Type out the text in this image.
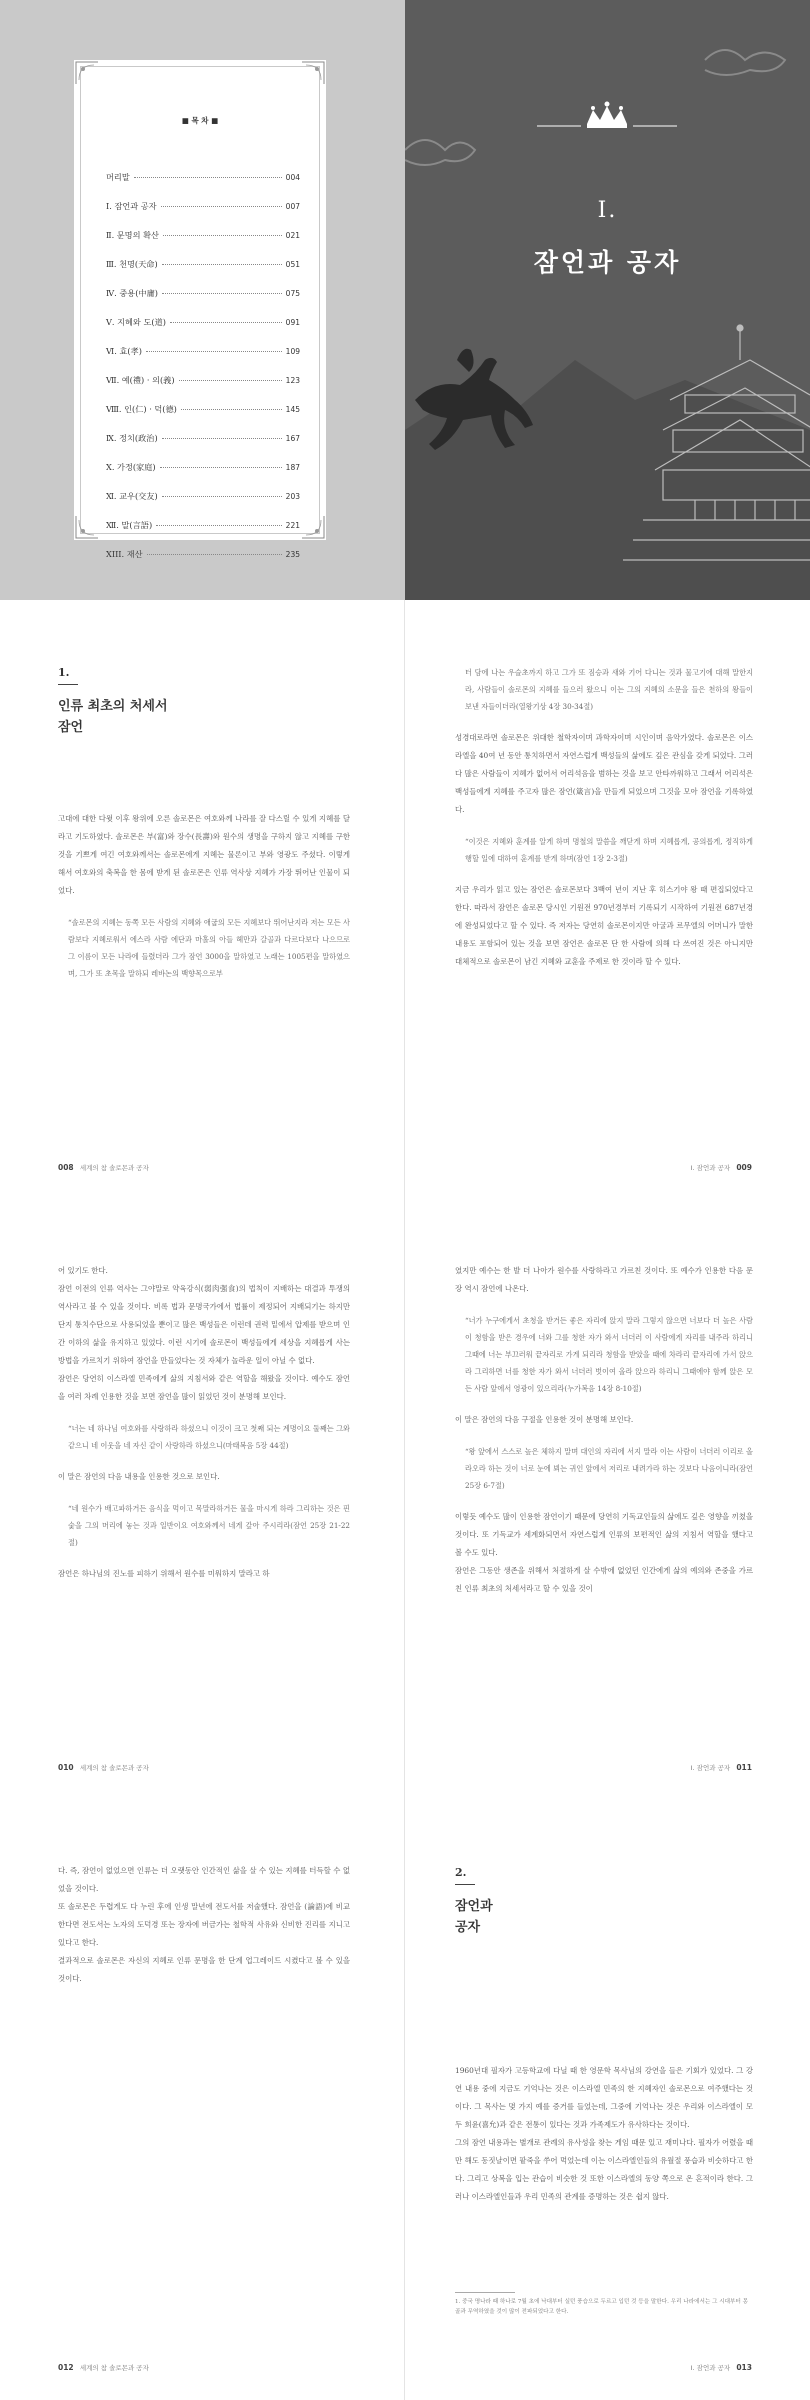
■ 목 차 ■
머리말	004
Ⅰ. 잠언과 공자	007
Ⅱ. 문명의 확산	021
Ⅲ. 천명(天命)	051
Ⅳ. 중용(中庸)	075
Ⅴ. 지혜와 도(道)	091
Ⅵ. 효(孝)	109
Ⅶ. 예(禮) · 의(義)	123
Ⅷ. 인(仁) · 덕(德)	145
Ⅸ. 정치(政治)	167
Ⅹ. 가정(家庭)	187
Ⅺ. 교우(交友)	203
Ⅻ. 말(言語)	221
XIII. 재산	235
Ⅰ.
잠언과 공자
1.
인류 최초의 처세서
잠언

고대에 대한 다윗 이후 왕위에 오른 솔로몬은 여호와께 나라를 잘 다스릴 수 있게 지혜를 달라고 기도하였다. 솔로몬은 부(富)와 장수(長壽)와 원수의 생명을 구하지 않고 지혜를 구한 것을 기쁘게 여긴 여호와께서는 솔로몬에게 지혜는 물론이고 부와 영광도 주셨다. 이렇게 해서 여호와의 축복을 한 몸에 받게 된 솔로몬은 인류 역사상 지혜가 가장 뛰어난 인물이 되었다.

“솔로몬의 지혜는 동쪽 모든 사람의 지혜와 애굽의 모든 지혜보다 뛰어난지라 저는 모든 사람보다 지혜로워서 에스라 사람 에단과 마홀의 아들 헤만과 갈골과 다르다보다 나으므로 그 이름이 모든 나라에 들렸더라 그가 잠언 3000을 말하였고 노래는 1005편을 말하였으며, 그가 또 초목을 말하되 레바논의 백향목으로부

008 세계의 참 솔로몬과 공자

터 담에 나는 우슬초까지 하고 그가 또 짐승과 새와 기어 다니는 것과 물고기에 대해 말한지라, 사람들이 솔로몬의 지혜를 들으러 왔으니 이는 그의 지혜의 소문을 들은 천하의 왕들이 보낸 자들이더라(열왕기상 4장 30-34절)

성경대로라면 솔로몬은 위대한 철학자이며 과학자이며 시인이며 음악가였다. 솔로몬은 이스라엘을 40여 년 동안 통치하면서 자연스럽게 백성들의 삶에도 깊은 관심을 갖게 되었다. 그러다 많은 사람들이 지혜가 없어서 어리석음을 범하는 것을 보고 안타까워하고 그래서 어리석은 백성들에게 지혜를 주고자 많은 잠언(箴言)을 만들게 되었으며 그것을 모아 잠언을 기록하였다.

“이것은 지혜와 훈계를 알게 하며 명철의 말씀을 깨닫게 하며 지혜롭게, 공의롭게, 정직하게 행할 일에 대하여 훈계를 받게 하며(잠언 1장 2-3절)

지금 우리가 읽고 있는 잠언은 솔로몬보다 3백여 년이 지난 후 히스기야 왕 때 편집되었다고 한다. 따라서 잠언은 솔로몬 당시인 기원전 970년경부터 기록되기 시작하여 기원전 687년경에 완성되었다고 할 수 있다. 즉 저자는 당연히 솔로몬이지만 아굴과 르무엘의 어머니가 말한 내용도 포함되어 있는 것을 보면 잠언은 솔로몬 단 한 사람에 의해 다 쓰여진 것은 아니지만 대체적으로 솔로몬이 남긴 지혜와 교훈을 주제로 한 것이라 할 수 있다.

Ⅰ. 잠언과 공자 009

어 있기도 한다.

잠언 이전의 인류 역사는 그야말로 약육강식(弱肉强食)의 법칙이 지배하는 대결과 투쟁의 역사라고 볼 수 있을 것이다. 비록 법과 문명국가에서 법률이 제정되어 지배되기는 하지만 단지 통치수단으로 사용되었을 뿐이고 많은 백성들은 이런데 권력 밑에서 압제를 받으며 인간 이하의 삶을 유지하고 있었다. 이런 시기에 솔로몬이 백성들에게 세상을 지혜롭게 사는 방법을 가르치기 위하여 잠언을 만들었다는 것 자체가 놀라운 일이 아닐 수 없다.

잠언은 당연히 이스라엘 민족에게 삶의 지침서와 같은 역할을 해왔을 것이다. 예수도 잠언을 여러 차례 인용한 것을 보면 잠언을 많이 읽었던 것이 분명해 보인다.

“너는 네 하나님 여호와를 사랑하라 하셨으니 이것이 크고 첫째 되는 계명이요 둘째는 그와 같으니 네 이웃을 네 자신 같이 사랑하라 하셨으니(마태복음 5장 44절)

이 말은 잠언의 다음 내용을 인용한 것으로 보인다.

“네 원수가 배고파하거든 음식을 먹이고 목말라하거든 물을 마시게 하라 그리하는 것은 핀 숯을 그의 머리에 놓는 것과 일반이요 여호와께서 네게 갚아 주시리라(잠언 25장 21-22절)

잠언은 하나님의 진노를 피하기 위해서 원수를 미워하지 말라고 하

010 세계의 참 솔로몬과 공자

였지만 예수는 한 발 더 나아가 원수를 사랑하라고 가르친 것이다. 또 예수가 인용한 다음 문장 역시 잠언에 나온다.

“너가 누구에게서 초청을 받거든 좋은 자리에 앉지 말라 그렇지 않으면 너보다 더 높은 사람이 청함을 받은 경우에 너와 그를 청한 자가 와서 너더러 이 사람에게 자리를 내주라 하리니 그때에 너는 부끄러워 끝자리로 가게 되리라 청함을 받았을 때에 차라리 끝자리에 가서 앉으라 그리하면 너를 청한 자가 와서 너더러 벗이여 올라 앉으라 하리니 그때에야 함께 앉은 모든 사람 앞에서 영광이 있으리라(누가복음 14장 8-10절)

이 말은 잠언의 다음 구절을 인용한 것이 분명해 보인다.

“왕 앞에서 스스로 높은 체하지 말며 대인의 자리에 서지 말라 이는 사람이 너더러 이리로 올라오라 하는 것이 너로 눈에 뵈는 귀인 앞에서 저리로 내려가라 하는 것보다 나음이니라(잠언 25장 6-7절)

이렇듯 예수도 많이 인용한 잠언이기 때문에 당연히 기독교인들의 삶에도 깊은 영향을 끼쳤을 것이다. 또 기독교가 세계화되면서 자연스럽게 인류의 보편적인 삶의 지침서 역할을 했다고 볼 수도 있다.

잠언은 그동안 생존을 위해서 처절하게 살 수밖에 없었던 인간에게 삶의 예의와 존중을 가르친 인류 최초의 처세서라고 할 수 있을 것이

Ⅰ. 잠언과 공자 011

다. 즉, 잠언이 없었으면 인류는 더 오랫동안 인간적인 삶을 살 수 있는 지혜를 터득할 수 없었을 것이다.

또 솔로몬은 두렵게도 다 누린 후에 인생 말년에 전도서를 저술했다. 잠언을 (論語)에 비교한다면 전도서는 노자의 도덕경 또는 장자에 버금가는 철학적 사유와 신비한 진리를 지니고 있다고 한다.

결과적으로 솔로몬은 자신의 지혜로 인류 문명을 한 단계 업그레이드 시켰다고 볼 수 있을 것이다.

012 세계의 참 솔로몬과 공자
2.
잠언과
공자

1960년대 필자가 고등학교에 다닐 때 한 영문학 목사님의 강연을 들은 기회가 있었다. 그 강연 내용 중에 지금도 기억나는 것은 이스라엘 민족의 한 지혜자인 솔로몬으로 여주했다는 것이다. 그 목사는 몇 가지 예를 증거를 들었는데, 그중에 기억나는 것은 우리와 이스라엘이 모두 희윤(喜允)과 같은 전통이 있다는 것과 가족제도가 유사하다는 것이다.

그의 잠언 내용과는 별개로 관례의 유사성을 찾는 게임 때문 있고 재미나다. 필자가 어렸을 때만 해도 동짓날이면 팥죽을 쑤어 먹었는데 이는 이스라엘인들의 유월절 풍습과 비슷하다고 한다. 그리고 상복을 입는 관습이 비슷한 것 또한 이스라엘의 동양 쪽으로 온 흔적이라 한다. 그러나 이스라엘인들과 우리 민족의 관계를 증명하는 것은 쉽지 않다.

1. 중국 명나라 때 하나로 7월 초에 낙대부터 실던 풍습으로 두르고 입던 것 등을 말한다. 우리 나라에서는 그 시대부터 몽골과 무역하였을 것이 많이 전파되었다고 한다.
Ⅰ. 잠언과 공자 013
